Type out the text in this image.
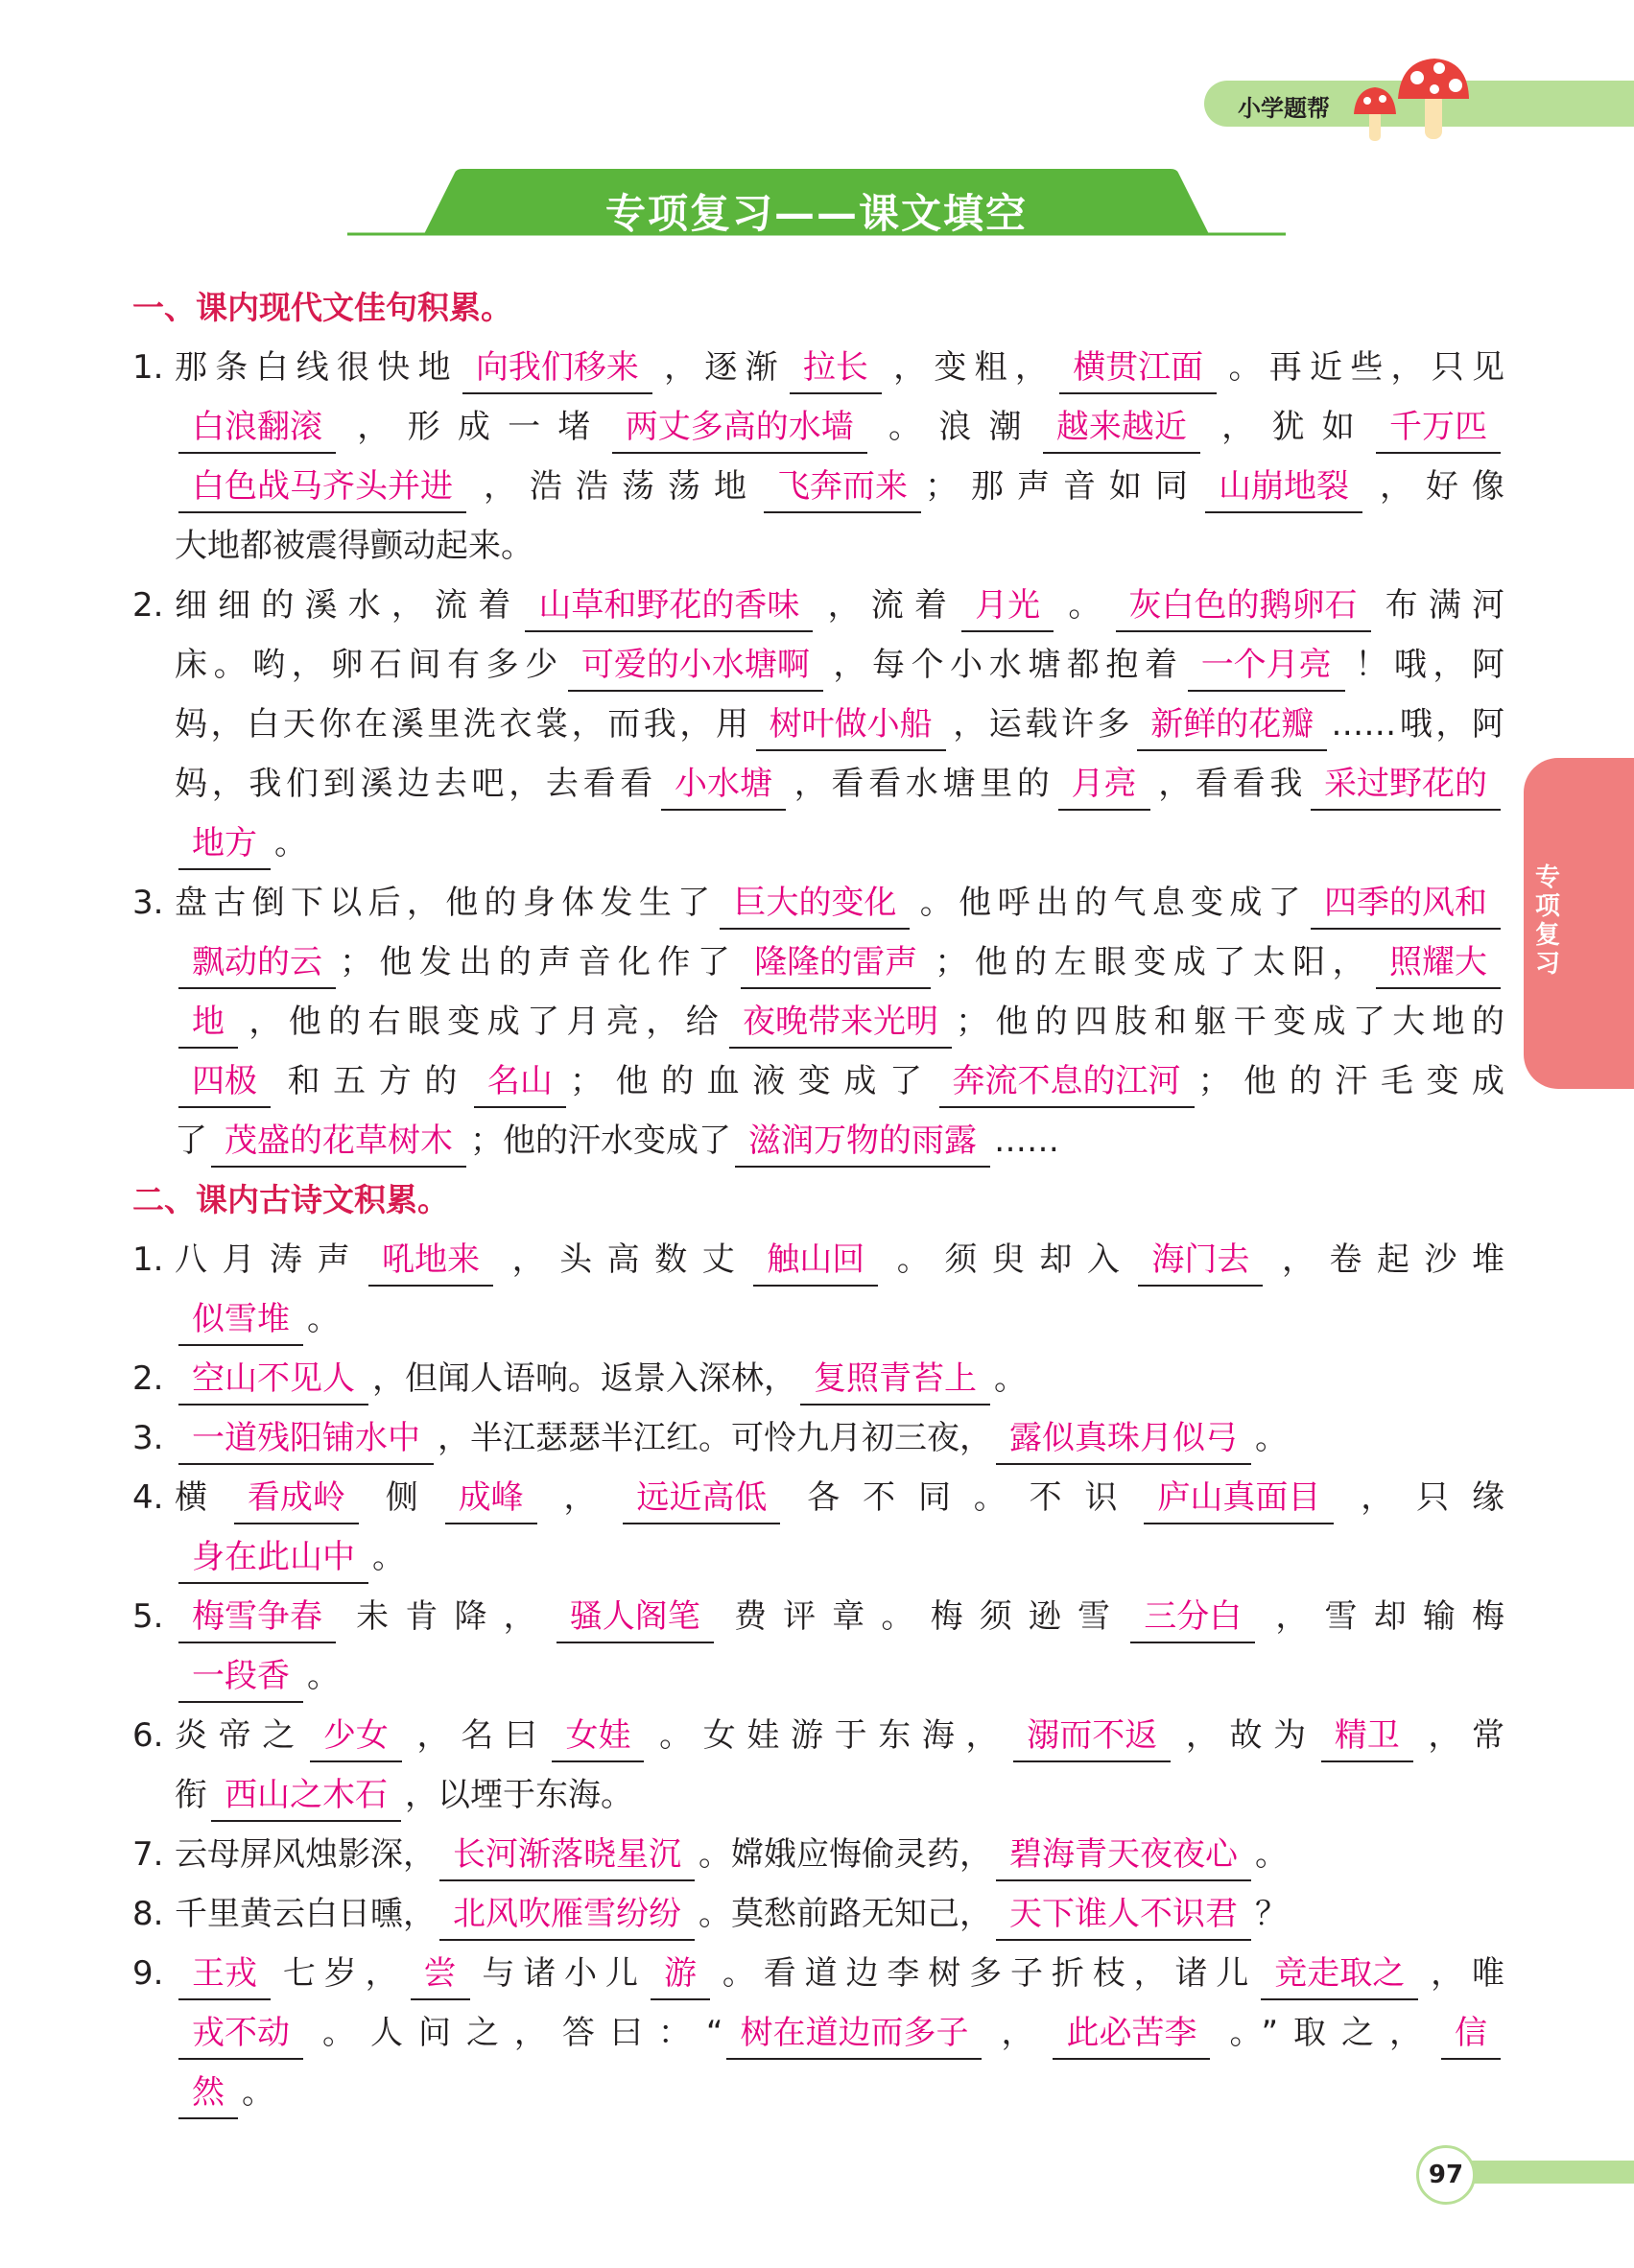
小学题帮
专项复习——课文填空
专项复习
一、课内现代文佳句积累。
1. 那条白线很快地 向我们移来 ，逐渐 拉长 ，变粗， 横贯江面 。再近些，只见
白浪翻滚 ，形成一堵 两丈多高的水墙 。浪潮 越来越近 ，犹如 千万匹
白色战马齐头并进 ，浩浩荡荡地 飞奔而来 ；那声音如同 山崩地裂 ，好像
大地都被震得颤动起来。
2. 细细的溪水，流着 山草和野花的香味 ，流着 月光 。 灰白色的鹅卵石 布满河
床。哟，卵石间有多少 可爱的小水塘啊 ，每个小水塘都抱着 一个月亮 ！哦，阿
妈，白天你在溪里洗衣裳，而我，用 树叶做小船 ，运载许多 新鲜的花瓣 ……哦，阿
妈，我们到溪边去吧，去看看 小水塘 ，看看水塘里的 月亮 ，看看我 采过野花的
地方 。
3. 盘古倒下以后，他的身体发生了 巨大的变化 。他呼出的气息变成了 四季的风和
飘动的云 ；他发出的声音化作了 隆隆的雷声 ；他的左眼变成了太阳， 照耀大
地 ，他的右眼变成了月亮，给 夜晚带来光明 ；他的四肢和躯干变成了大地的
四极 和五方的 名山 ；他的血液变成了 奔流不息的江河 ；他的汗毛变成
了 茂盛的花草树木 ；他的汗水变成了 滋润万物的雨露 ……
二、课内古诗文积累。
1. 八月涛声 吼地来 ，头高数丈 触山回 。须臾却入 海门去 ，卷起沙堆
似雪堆 。
2. 空山不见人 ，但闻人语响。返景入深林， 复照青苔上 。
3. 一道残阳铺水中 ，半江瑟瑟半江红。可怜九月初三夜， 露似真珠月似弓 。
4. 横 看成岭 侧 成峰 ， 远近高低 各不同。不识 庐山真面目 ，只缘
身在此山中 。
5. 梅雪争春 未肯降， 骚人阁笔 费评章。梅须逊雪 三分白 ，雪却输梅
一段香 。
6. 炎帝之 少女 ，名曰 女娃 。女娃游于东海， 溺而不返 ，故为 精卫 ，常
衔 西山之木石 ，以堙于东海。
7. 云母屏风烛影深， 长河渐落晓星沉 。嫦娥应悔偷灵药， 碧海青天夜夜心 。
8. 千里黄云白日曛， 北风吹雁雪纷纷 。莫愁前路无知己， 天下谁人不识君 ？
9. 王戎 七岁， 尝 与诸小儿 游 。看道边李树多子折枝，诸儿 竞走取之 ，唯
戎不动 。人问之，答曰：“ 树在道边而多子 ， 此必苦李 。”取之， 信
然 。
97
